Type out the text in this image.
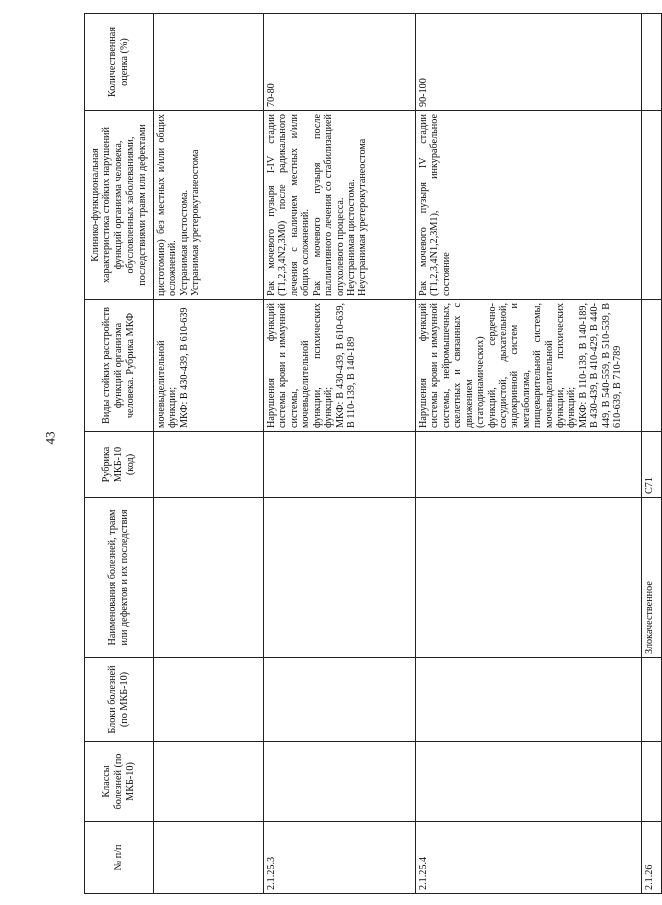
43
№ п/п	Классы болезней (по МКБ-10)	Блоки болезней (по МКБ-10)	Наименования болезней, травм или дефектов и их последствия	Рубрика МКБ-10 (код)	Виды стойких расстройств функций организма человека. Рубрика МКФ	Клинико-функциональная характеристика стойких нарушений функций организма человека, обусловленных заболеваниями, последствиями травм или дефектами	Количественная оценка (%)
					мочевыделительной функции;
МКФ: В 430-439, В 610-639	цистотомию) без местных и/или общих осложнений.
Устранимая цистостома.
Устранимая уретерокутанеостома	
2.1.25.3					Нарушения функций системы крови и иммунной системы, мочевыделительной функции, психических функций;
МКФ: В 430-439, В 610-639, В 110-139, В 140-189	Рак мочевого пузыря I-IV стадии (T1,2,3,4N2,3M0) после радикального лечения с наличием местных и/или общих осложнений.
Рак мочевого пузыря после паллиативного лечения со стабилизацией опухолевого процесса.
Неустранимая цистостома.
Неустранимая уретерокутанеостома	70-80
2.1.25.4					Нарушения функций системы крови и иммунной системы, нейромышечных, скелетных и связанных с движением (статодинамических) функций, сердечно-сосудистой, дыхательной, эндокринной систем и метаболизма, пищеварительной системы, мочевыделительной функции, психических функций;
МКФ: В 110-139, В 140-189, В 430-439, В 410-429, В 440-449, В 540-559, В 510-539, В 610-639, В 710-789	Рак мочевого пузыря IV стадии (T1,2,3,4N1,2,3M1), инкурабельное состояние	90-100
2.1.26			Злокачественное	C71			
